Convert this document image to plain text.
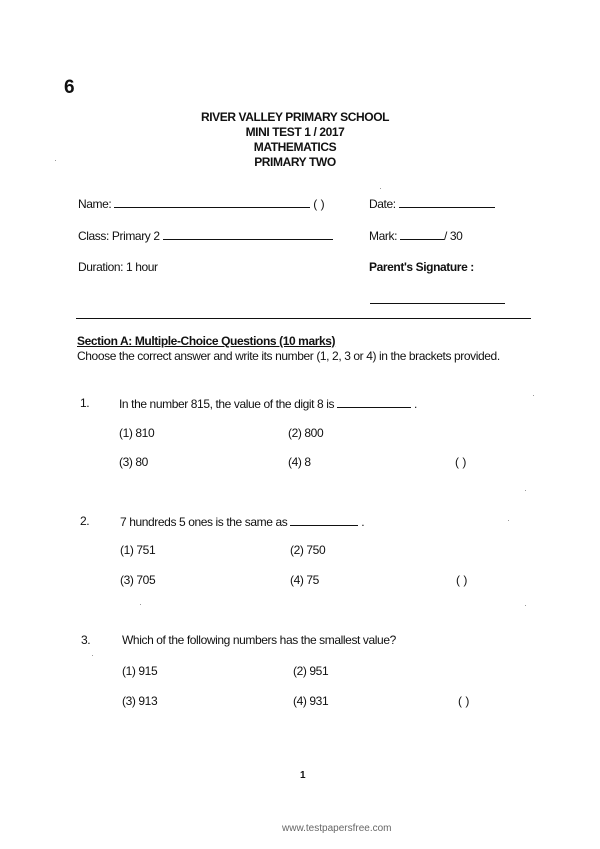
6
RIVER VALLEY PRIMARY SCHOOL
MINI TEST 1 / 2017
MATHEMATICS
PRIMARY TWO
Name:	( )	Date:
Class: Primary 2	Mark:	/ 30
Duration: 1 hour	Parent's Signature :
Section A: Multiple-Choice Questions (10 marks)
Choose the correct answer and write its number (1, 2, 3 or 4) in the brackets provided.
1. In the number 815, the value of the digit 8 is	.
(1) 810	(2) 800
(3) 80	(4) 8	( )
2.	7 hundreds 5 ones is the same as	.
(1) 751	(2) 750
(3) 705	(4) 75	( )
3.	Which of the following numbers has the smallest value?
(1) 915	(2) 951
(3) 913	(4) 931	( )
1
www.testpapersfree.com
